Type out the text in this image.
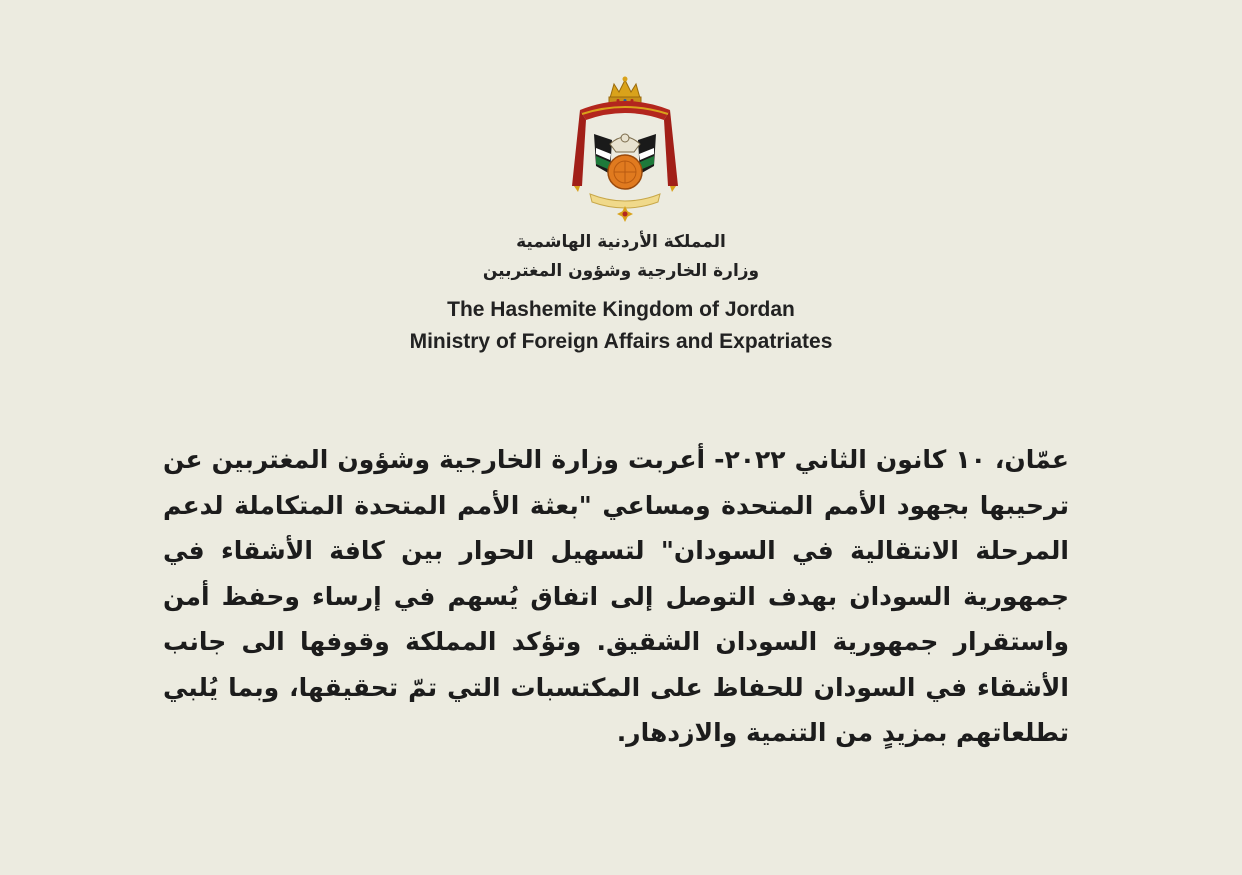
المملكة الأردنية الهاشمية
وزارة الخارجية وشؤون المغتربين
The Hashemite Kingdom of Jordan
Ministry of Foreign Affairs and Expatriates

عمّان، ١٠ كانون الثاني ٢٠٢٢- أعربت وزارة الخارجية وشؤون المغتربين عن ترحيبها بجهود الأمم المتحدة ومساعي "بعثة الأمم المتحدة المتكاملة لدعم المرحلة الانتقالية في السودان" لتسهيل الحوار بين كافة الأشقاء في جمهورية السودان بهدف التوصل إلى اتفاق يُسهم في إرساء وحفظ أمن واستقرار جمهورية السودان الشقيق. وتؤكد المملكة وقوفها الى جانب الأشقاء في السودان للحفاظ على المكتسبات التي تمّ تحقيقها، وبما يُلبي تطلعاتهم بمزيدٍ من التنمية والازدهار.
